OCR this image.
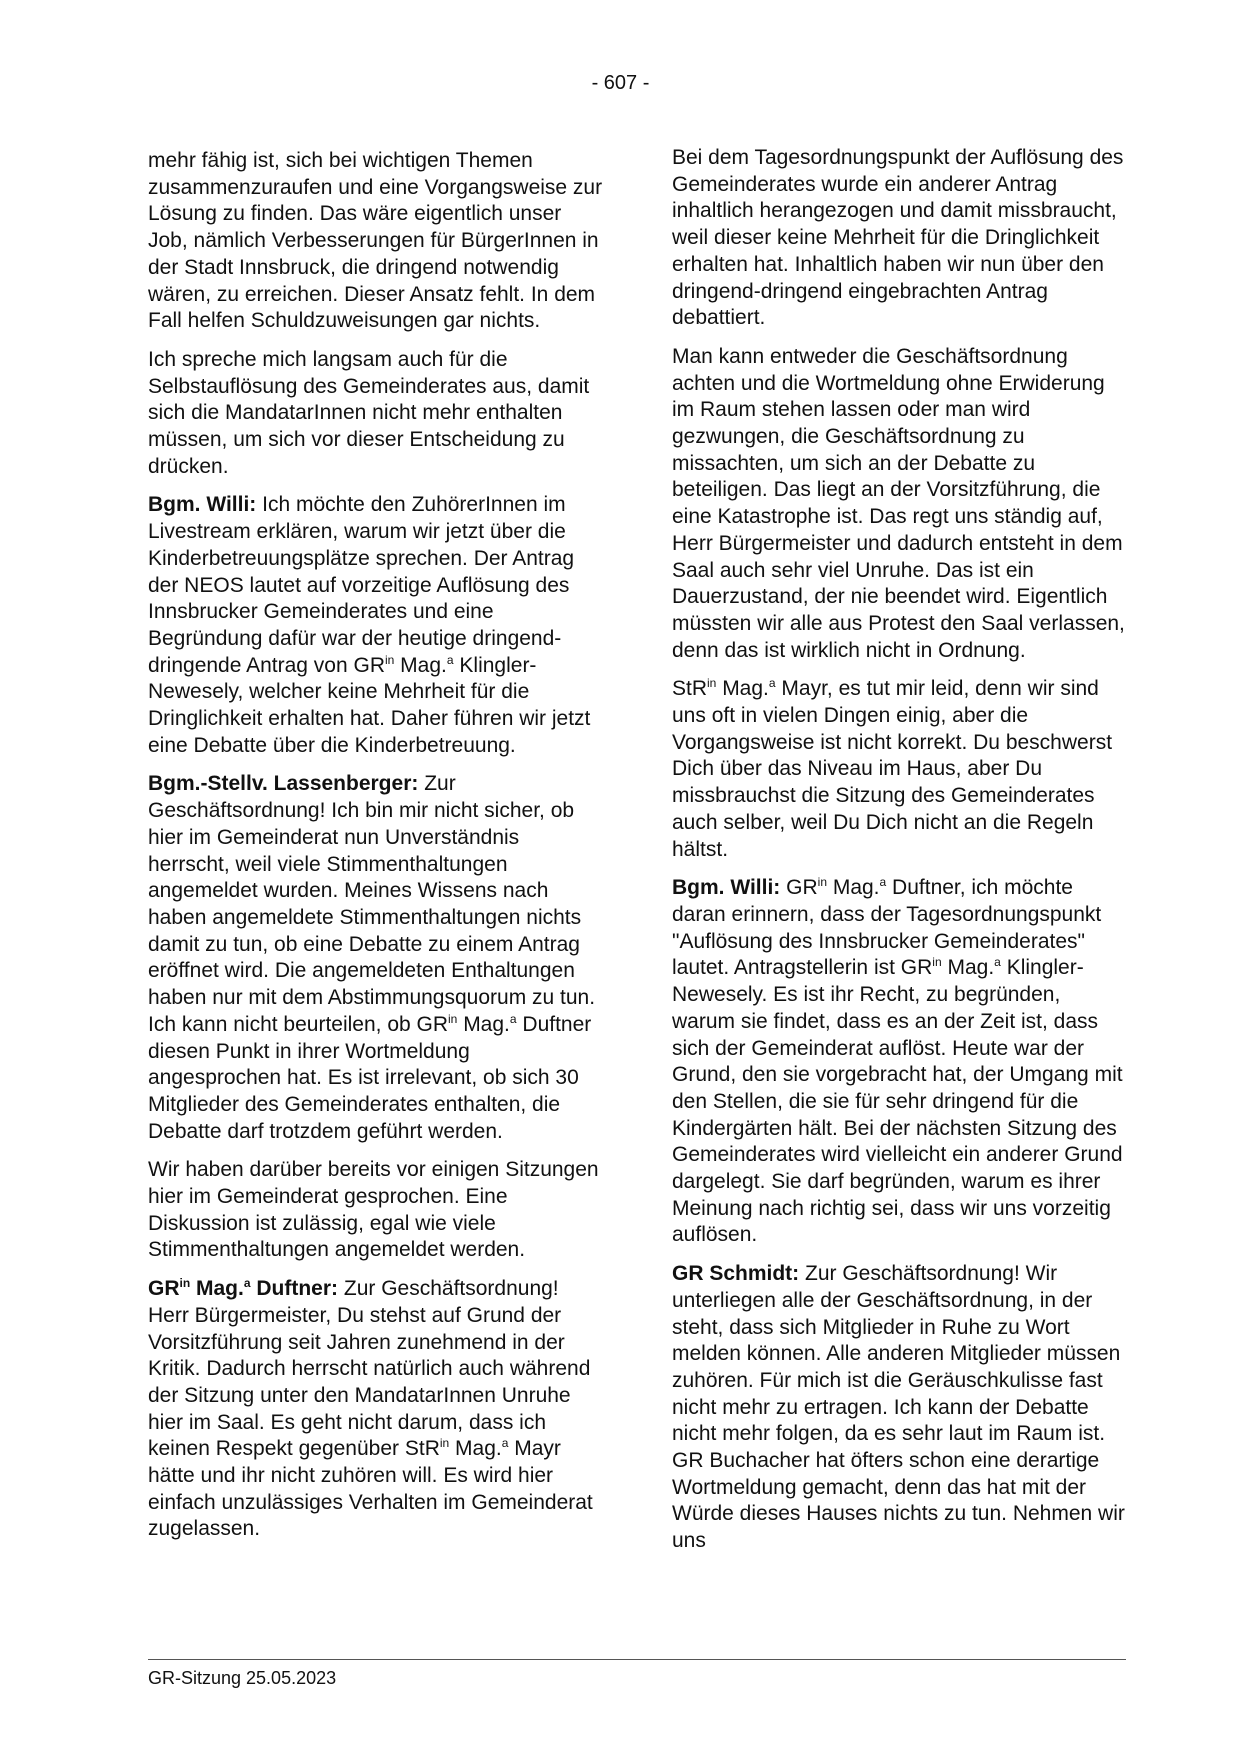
- 607 -

mehr fähig ist, sich bei wichtigen Themen zusammenzuraufen und eine Vorgangsweise zur Lösung zu finden. Das wäre eigentlich unser Job, nämlich Verbesserungen für BürgerInnen in der Stadt Innsbruck, die dringend notwendig wären, zu erreichen. Dieser Ansatz fehlt. In dem Fall helfen Schuldzuweisungen gar nichts.

Ich spreche mich langsam auch für die Selbstauflösung des Gemeinderates aus, damit sich die MandatarInnen nicht mehr enthalten müssen, um sich vor dieser Entscheidung zu drücken.

Bgm. Willi: Ich möchte den ZuhörerInnen im Livestream erklären, warum wir jetzt über die Kinderbetreuungsplätze sprechen. Der Antrag der NEOS lautet auf vorzeitige Auflösung des Innsbrucker Gemeinderates und eine Begründung dafür war der heutige dringend-dringende Antrag von $GR^{in}$ Mag.$^a$ Klingler-Newesely, welcher keine Mehrheit für die Dringlichkeit erhalten hat. Daher führen wir jetzt eine Debatte über die Kinderbetreuung.

Bgm.-Stellv. Lassenberger: Zur Geschäftsordnung! Ich bin mir nicht sicher, ob hier im Gemeinderat nun Unverständnis herrscht, weil viele Stimmenthaltungen angemeldet wurden. Meines Wissens nach haben angemeldete Stimmenthaltungen nichts damit zu tun, ob eine Debatte zu einem Antrag eröffnet wird. Die angemeldeten Enthaltungen haben nur mit dem Abstimmungsquorum zu tun. Ich kann nicht beurteilen, ob $GR^{in}$ Mag.$^a$ Duftner diesen Punkt in ihrer Wortmeldung angesprochen hat. Es ist irrelevant, ob sich 30 Mitglieder des Gemeinderates enthalten, die Debatte darf trotzdem geführt werden.

Wir haben darüber bereits vor einigen Sitzungen hier im Gemeinderat gesprochen. Eine Diskussion ist zulässig, egal wie viele Stimmenthaltungen angemeldet werden.

$GR^{in}$ Mag.$^a$ Duftner: Zur Geschäftsordnung! Herr Bürgermeister, Du stehst auf Grund der Vorsitzführung seit Jahren zunehmend in der Kritik. Dadurch herrscht natürlich auch während der Sitzung unter den MandatarInnen Unruhe hier im Saal. Es geht nicht darum, dass ich keinen Respekt gegenüber StR$^{in}$ Mag.$^a$ Mayr hätte und ihr nicht zuhören will. Es wird hier einfach unzulässiges Verhalten im Gemeinderat zugelassen.

Bei dem Tagesordnungspunkt der Auflösung des Gemeinderates wurde ein anderer Antrag inhaltlich herangezogen und damit missbraucht, weil dieser keine Mehrheit für die Dringlichkeit erhalten hat. Inhaltlich haben wir nun über den dringend-dringend eingebrachten Antrag debattiert.

Man kann entweder die Geschäftsordnung achten und die Wortmeldung ohne Erwiderung im Raum stehen lassen oder man wird gezwungen, die Geschäftsordnung zu missachten, um sich an der Debatte zu beteiligen. Das liegt an der Vorsitzführung, die eine Katastrophe ist. Das regt uns ständig auf, Herr Bürgermeister und dadurch entsteht in dem Saal auch sehr viel Unruhe. Das ist ein Dauerzustand, der nie beendet wird. Eigentlich müssten wir alle aus Protest den Saal verlassen, denn das ist wirklich nicht in Ordnung.

StR$^{in}$ Mag.$^a$ Mayr, es tut mir leid, denn wir sind uns oft in vielen Dingen einig, aber die Vorgangsweise ist nicht korrekt. Du beschwerst Dich über das Niveau im Haus, aber Du missbrauchst die Sitzung des Gemeinderates auch selber, weil Du Dich nicht an die Regeln hältst.

Bgm. Willi: $GR^{in}$ Mag.$^a$ Duftner, ich möchte daran erinnern, dass der Tagesordnungspunkt "Auflösung des Innsbrucker Gemeinderates" lautet. Antragstellerin ist $GR^{in}$ Mag.$^a$ Klingler-Newesely. Es ist ihr Recht, zu begründen, warum sie findet, dass es an der Zeit ist, dass sich der Gemeinderat auflöst. Heute war der Grund, den sie vorgebracht hat, der Umgang mit den Stellen, die sie für sehr dringend für die Kindergärten hält. Bei der nächsten Sitzung des Gemeinderates wird vielleicht ein anderer Grund dargelegt. Sie darf begründen, warum es ihrer Meinung nach richtig sei, dass wir uns vorzeitig auflösen.

GR Schmidt: Zur Geschäftsordnung! Wir unterliegen alle der Geschäftsordnung, in der steht, dass sich Mitglieder in Ruhe zu Wort melden können. Alle anderen Mitglieder müssen zuhören. Für mich ist die Geräuschkulisse fast nicht mehr zu ertragen. Ich kann der Debatte nicht mehr folgen, da es sehr laut im Raum ist. GR Buchacher hat öfters schon eine derartige Wortmeldung gemacht, denn das hat mit der Würde dieses Hauses nichts zu tun. Nehmen wir uns

GR-Sitzung 25.05.2023
